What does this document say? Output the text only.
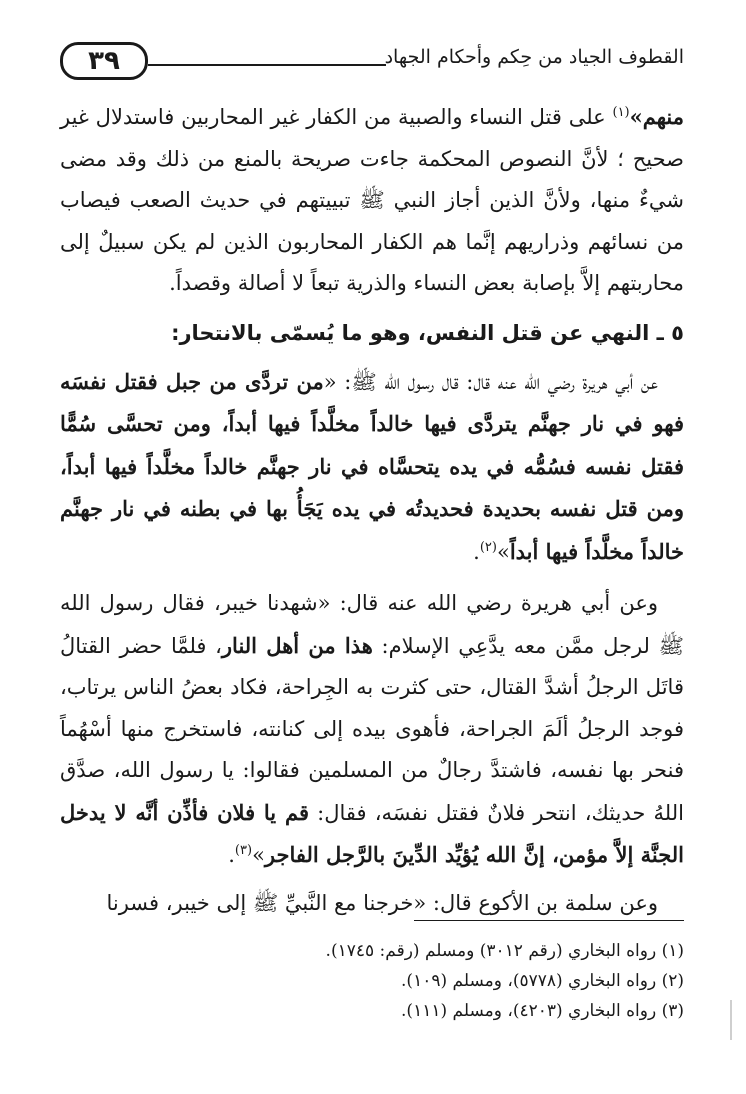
٣٩	القطوف الجياد من حِكم وأحكام الجهاد

منهم»$^{(١)}$ على قتل النساء والصبية من الكفار غير المحاربين فاستدلال غير صحيح ؛ لأنَّ النصوص المحكمة جاءت صريحة بالمنع من ذلك وقد مضى شيءٌ منها، ولأنَّ الذين أجاز النبي ﷺ تبييتهم في حديث الصعب فيصاب من نسائهم وذراريهم إنَّما هم الكفار المحاربون الذين لم يكن سبيلٌ إلى محاربتهم إلاَّ بإصابة بعض النساء والذرية تبعاً لا أصالة وقصداً.

٥ ـ النهي عن قتل النفس، وهو ما يُسمّى بالانتحار:

عن أبي هريرة رضي الله عنه قال: قال رسول الله ﷺ: «من تردَّى من جبل فقتل نفسَه فهو في نار جهنَّم يتردَّى فيها خالداً مخلَّداً فيها أبداً، ومن تحسَّى سُمًّا فقتل نفسه فسُمُّه في يده يتحسَّاه في نار جهنَّم خالداً مخلَّداً فيها أبداً، ومن قتل نفسه بحديدة فحديدتُه في يده يَجَأُ بها في بطنه في نار جهنَّم خالداً مخلَّداً فيها أبداً»$^{(٢)}$.

وعن أبي هريرة رضي الله عنه قال: «شهدنا خيبر، فقال رسول الله ﷺ لرجل ممَّن معه يدَّعِي الإسلام: هذا من أهل النار، فلمَّا حضر القتالُ قاتَل الرجلُ أشدَّ القتال، حتى كثرت به الجِراحة، فكاد بعضُ الناس يرتاب، فوجد الرجلُ ألَمَ الجراحة، فأهوى بيده إلى كنانته، فاستخرج منها أسْهُماً فنحر بها نفسه، فاشتدَّ رجالٌ من المسلمين فقالوا: يا رسول الله، صدَّق اللهُ حديثك، انتحر فلانٌ فقتل نفسَه، فقال: قم يا فلان فأذِّن أنَّه لا يدخل الجنَّة إلاَّ مؤمن، إنَّ الله يُؤيِّد الدِّينَ بالرَّجل الفاجر»$^{(٣)}$.

وعن سلمة بن الأكوع قال: «خرجنا مع النَّبيِّ ﷺ إلى خيبر، فسرنا

(١) رواه البخاري (رقم ٣٠١٢) ومسلم (رقم: ١٧٤٥).

(٢) رواه البخاري (٥٧٧٨)، ومسلم (١٠٩).

(٣) رواه البخاري (٤٢٠٣)، ومسلم (١١١).
